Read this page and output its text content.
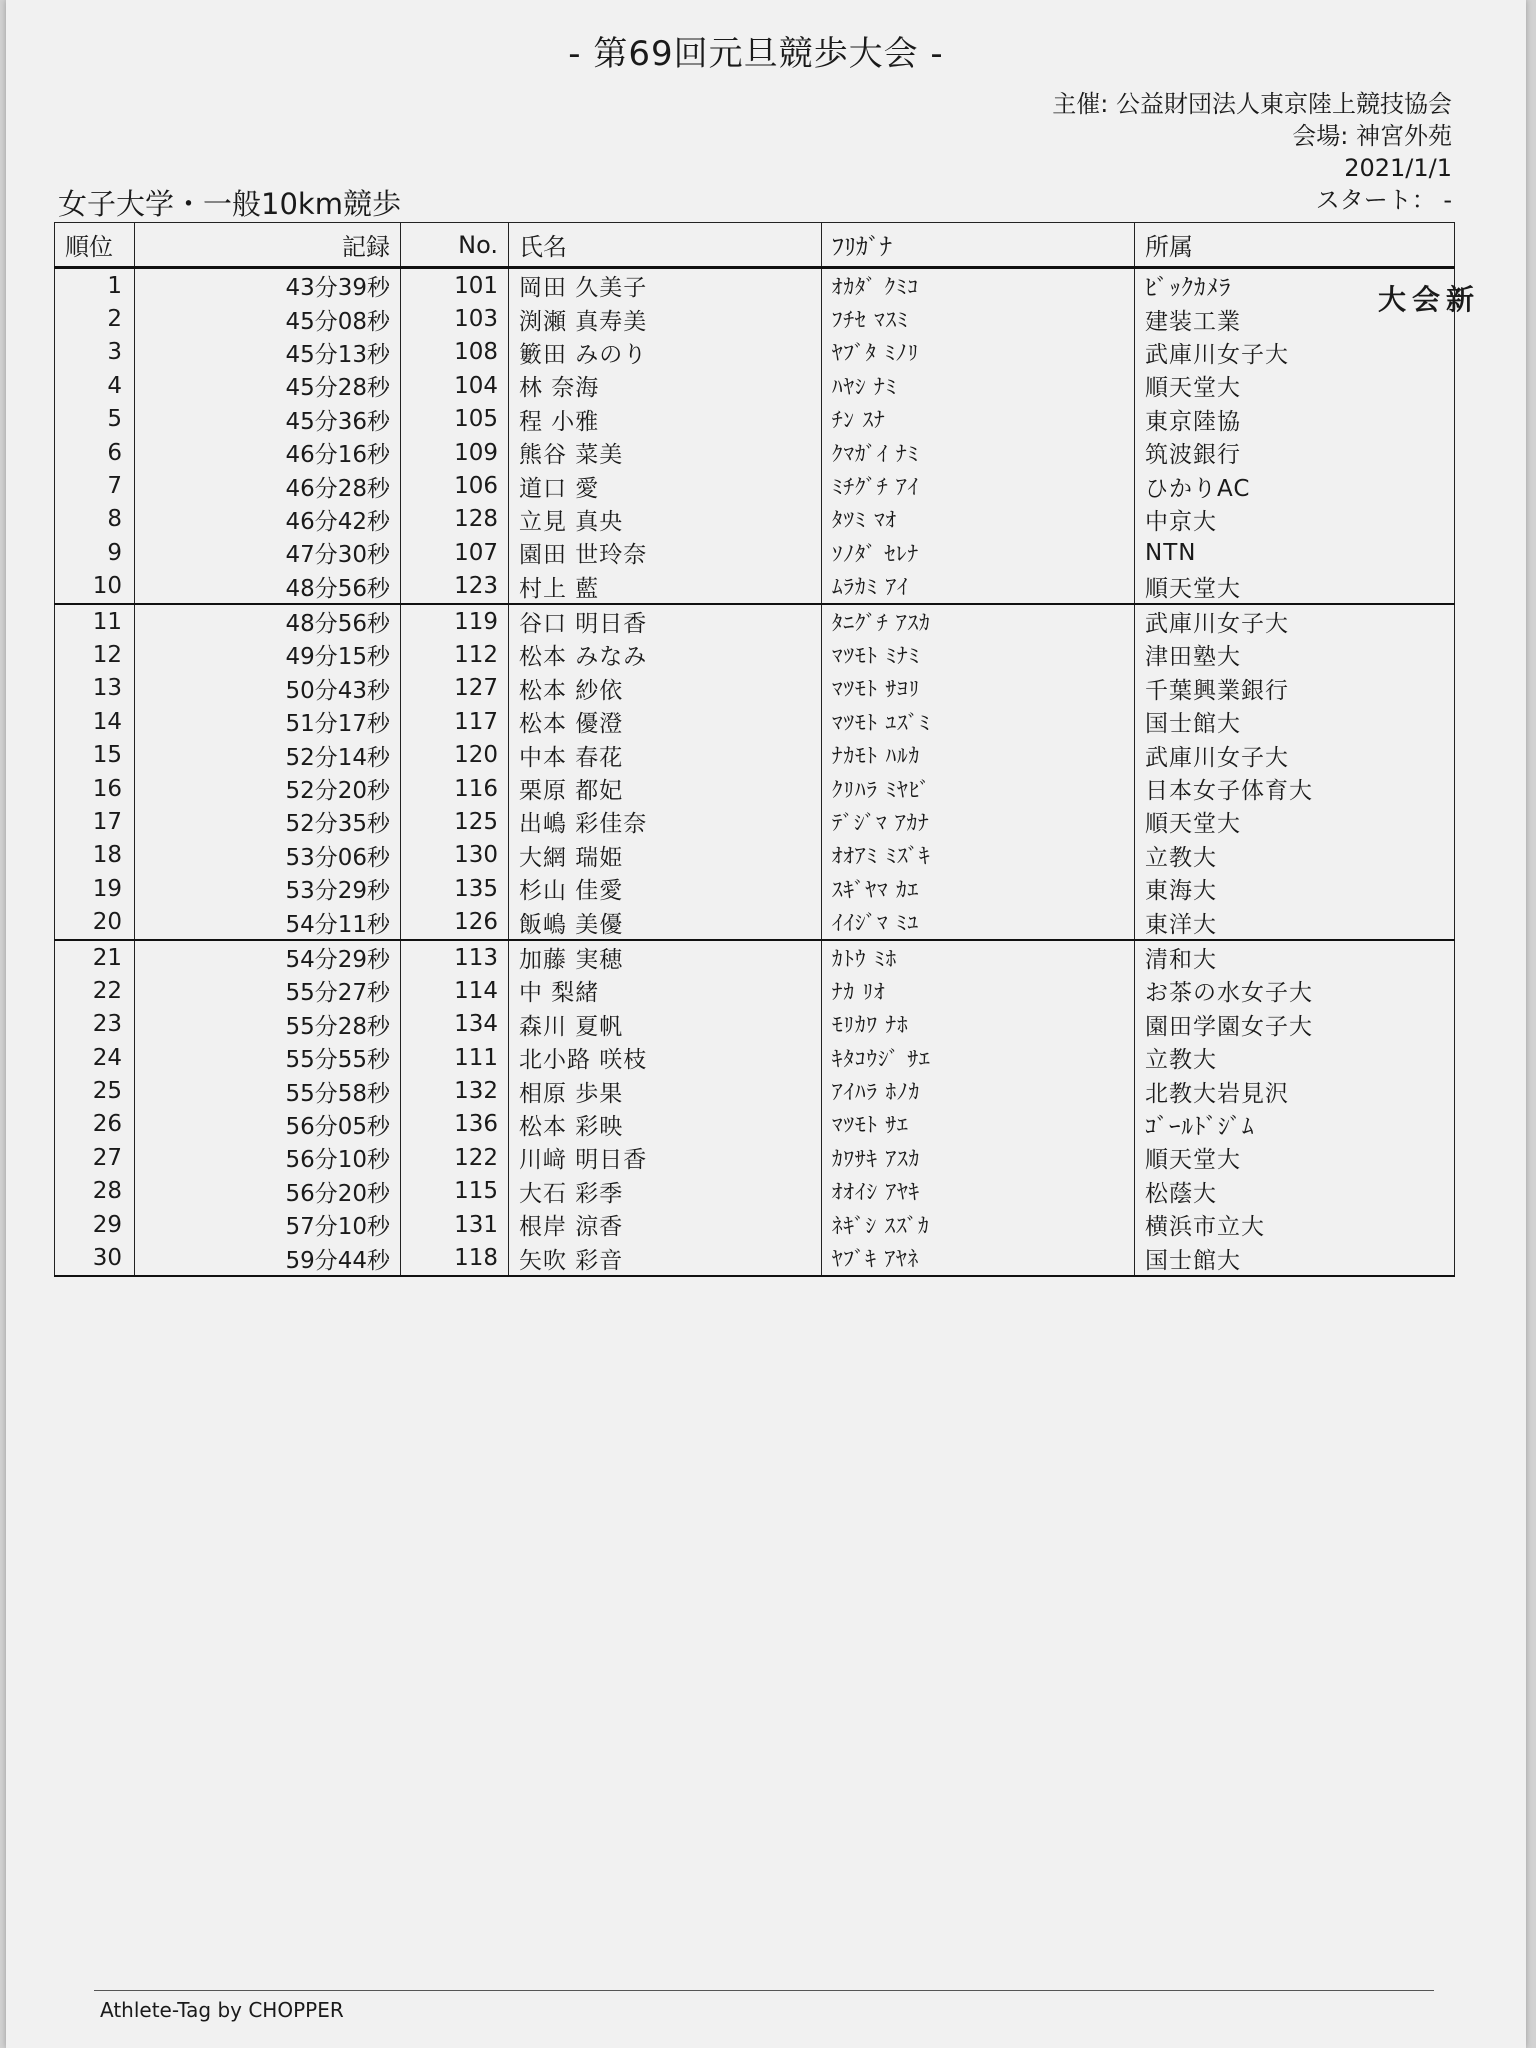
- 第69回元旦競歩大会 -
主催: 公益財団法人東京陸上競技協会
会場: 神宮外苑
2021/1/1
スタート： -
女子大学・一般10km競歩
順位	記録	No.	氏名	ﾌﾘｶﾞﾅ	所属
1	43分39秒	101	岡田 久美子	ｵｶﾀﾞ ｸﾐｺ	ﾋﾞｯｸｶﾒﾗ
2	45分08秒	103	渕瀬 真寿美	ﾌﾁｾ ﾏｽﾐ	建装工業
3	45分13秒	108	籔田 みのり	ﾔﾌﾞﾀ ﾐﾉﾘ	武庫川女子大
4	45分28秒	104	林 奈海	ﾊﾔｼ ﾅﾐ	順天堂大
5	45分36秒	105	程 小雅	ﾁﾝ ｽﾅ	東京陸協
6	46分16秒	109	熊谷 菜美	ｸﾏｶﾞｲ ﾅﾐ	筑波銀行
7	46分28秒	106	道口 愛	ﾐﾁｸﾞﾁ ｱｲ	ひかりAC
8	46分42秒	128	立見 真央	ﾀﾂﾐ ﾏｵ	中京大
9	47分30秒	107	園田 世玲奈	ｿﾉﾀﾞ ｾﾚﾅ	NTN
10	48分56秒	123	村上 藍	ﾑﾗｶﾐ ｱｲ	順天堂大
11	48分56秒	119	谷口 明日香	ﾀﾆｸﾞﾁ ｱｽｶ	武庫川女子大
12	49分15秒	112	松本 みなみ	ﾏﾂﾓﾄ ﾐﾅﾐ	津田塾大
13	50分43秒	127	松本 紗依	ﾏﾂﾓﾄ ｻﾖﾘ	千葉興業銀行
14	51分17秒	117	松本 優澄	ﾏﾂﾓﾄ ﾕｽﾞﾐ	国士館大
15	52分14秒	120	中本 春花	ﾅｶﾓﾄ ﾊﾙｶ	武庫川女子大
16	52分20秒	116	栗原 都妃	ｸﾘﾊﾗ ﾐﾔﾋﾞ	日本女子体育大
17	52分35秒	125	出嶋 彩佳奈	ﾃﾞｼﾞﾏ ｱｶﾅ	順天堂大
18	53分06秒	130	大網 瑞姫	ｵｵｱﾐ ﾐｽﾞｷ	立教大
19	53分29秒	135	杉山 佳愛	ｽｷﾞﾔﾏ ｶｴ	東海大
20	54分11秒	126	飯嶋 美優	ｲｲｼﾞﾏ ﾐﾕ	東洋大
21	54分29秒	113	加藤 実穂	ｶﾄｳ ﾐﾎ	清和大
22	55分27秒	114	中 梨緒	ﾅｶ ﾘｵ	お茶の水女子大
23	55分28秒	134	森川 夏帆	ﾓﾘｶﾜ ﾅﾎ	園田学園女子大
24	55分55秒	111	北小路 咲枝	ｷﾀｺｳｼﾞ ｻｴ	立教大
25	55分58秒	132	相原 歩果	ｱｲﾊﾗ ﾎﾉｶ	北教大岩見沢
26	56分05秒	136	松本 彩映	ﾏﾂﾓﾄ ｻｴ	ｺﾞｰﾙﾄﾞｼﾞﾑ
27	56分10秒	122	川﨑 明日香	ｶﾜｻｷ ｱｽｶ	順天堂大
28	56分20秒	115	大石 彩季	ｵｵｲｼ ｱﾔｷ	松蔭大
29	57分10秒	131	根岸 涼香	ﾈｷﾞｼ ｽｽﾞｶ	横浜市立大
30	59分44秒	118	矢吹 彩音	ﾔﾌﾞｷ ｱﾔﾈ	国士館大
大会新
Athlete-Tag by CHOPPER
